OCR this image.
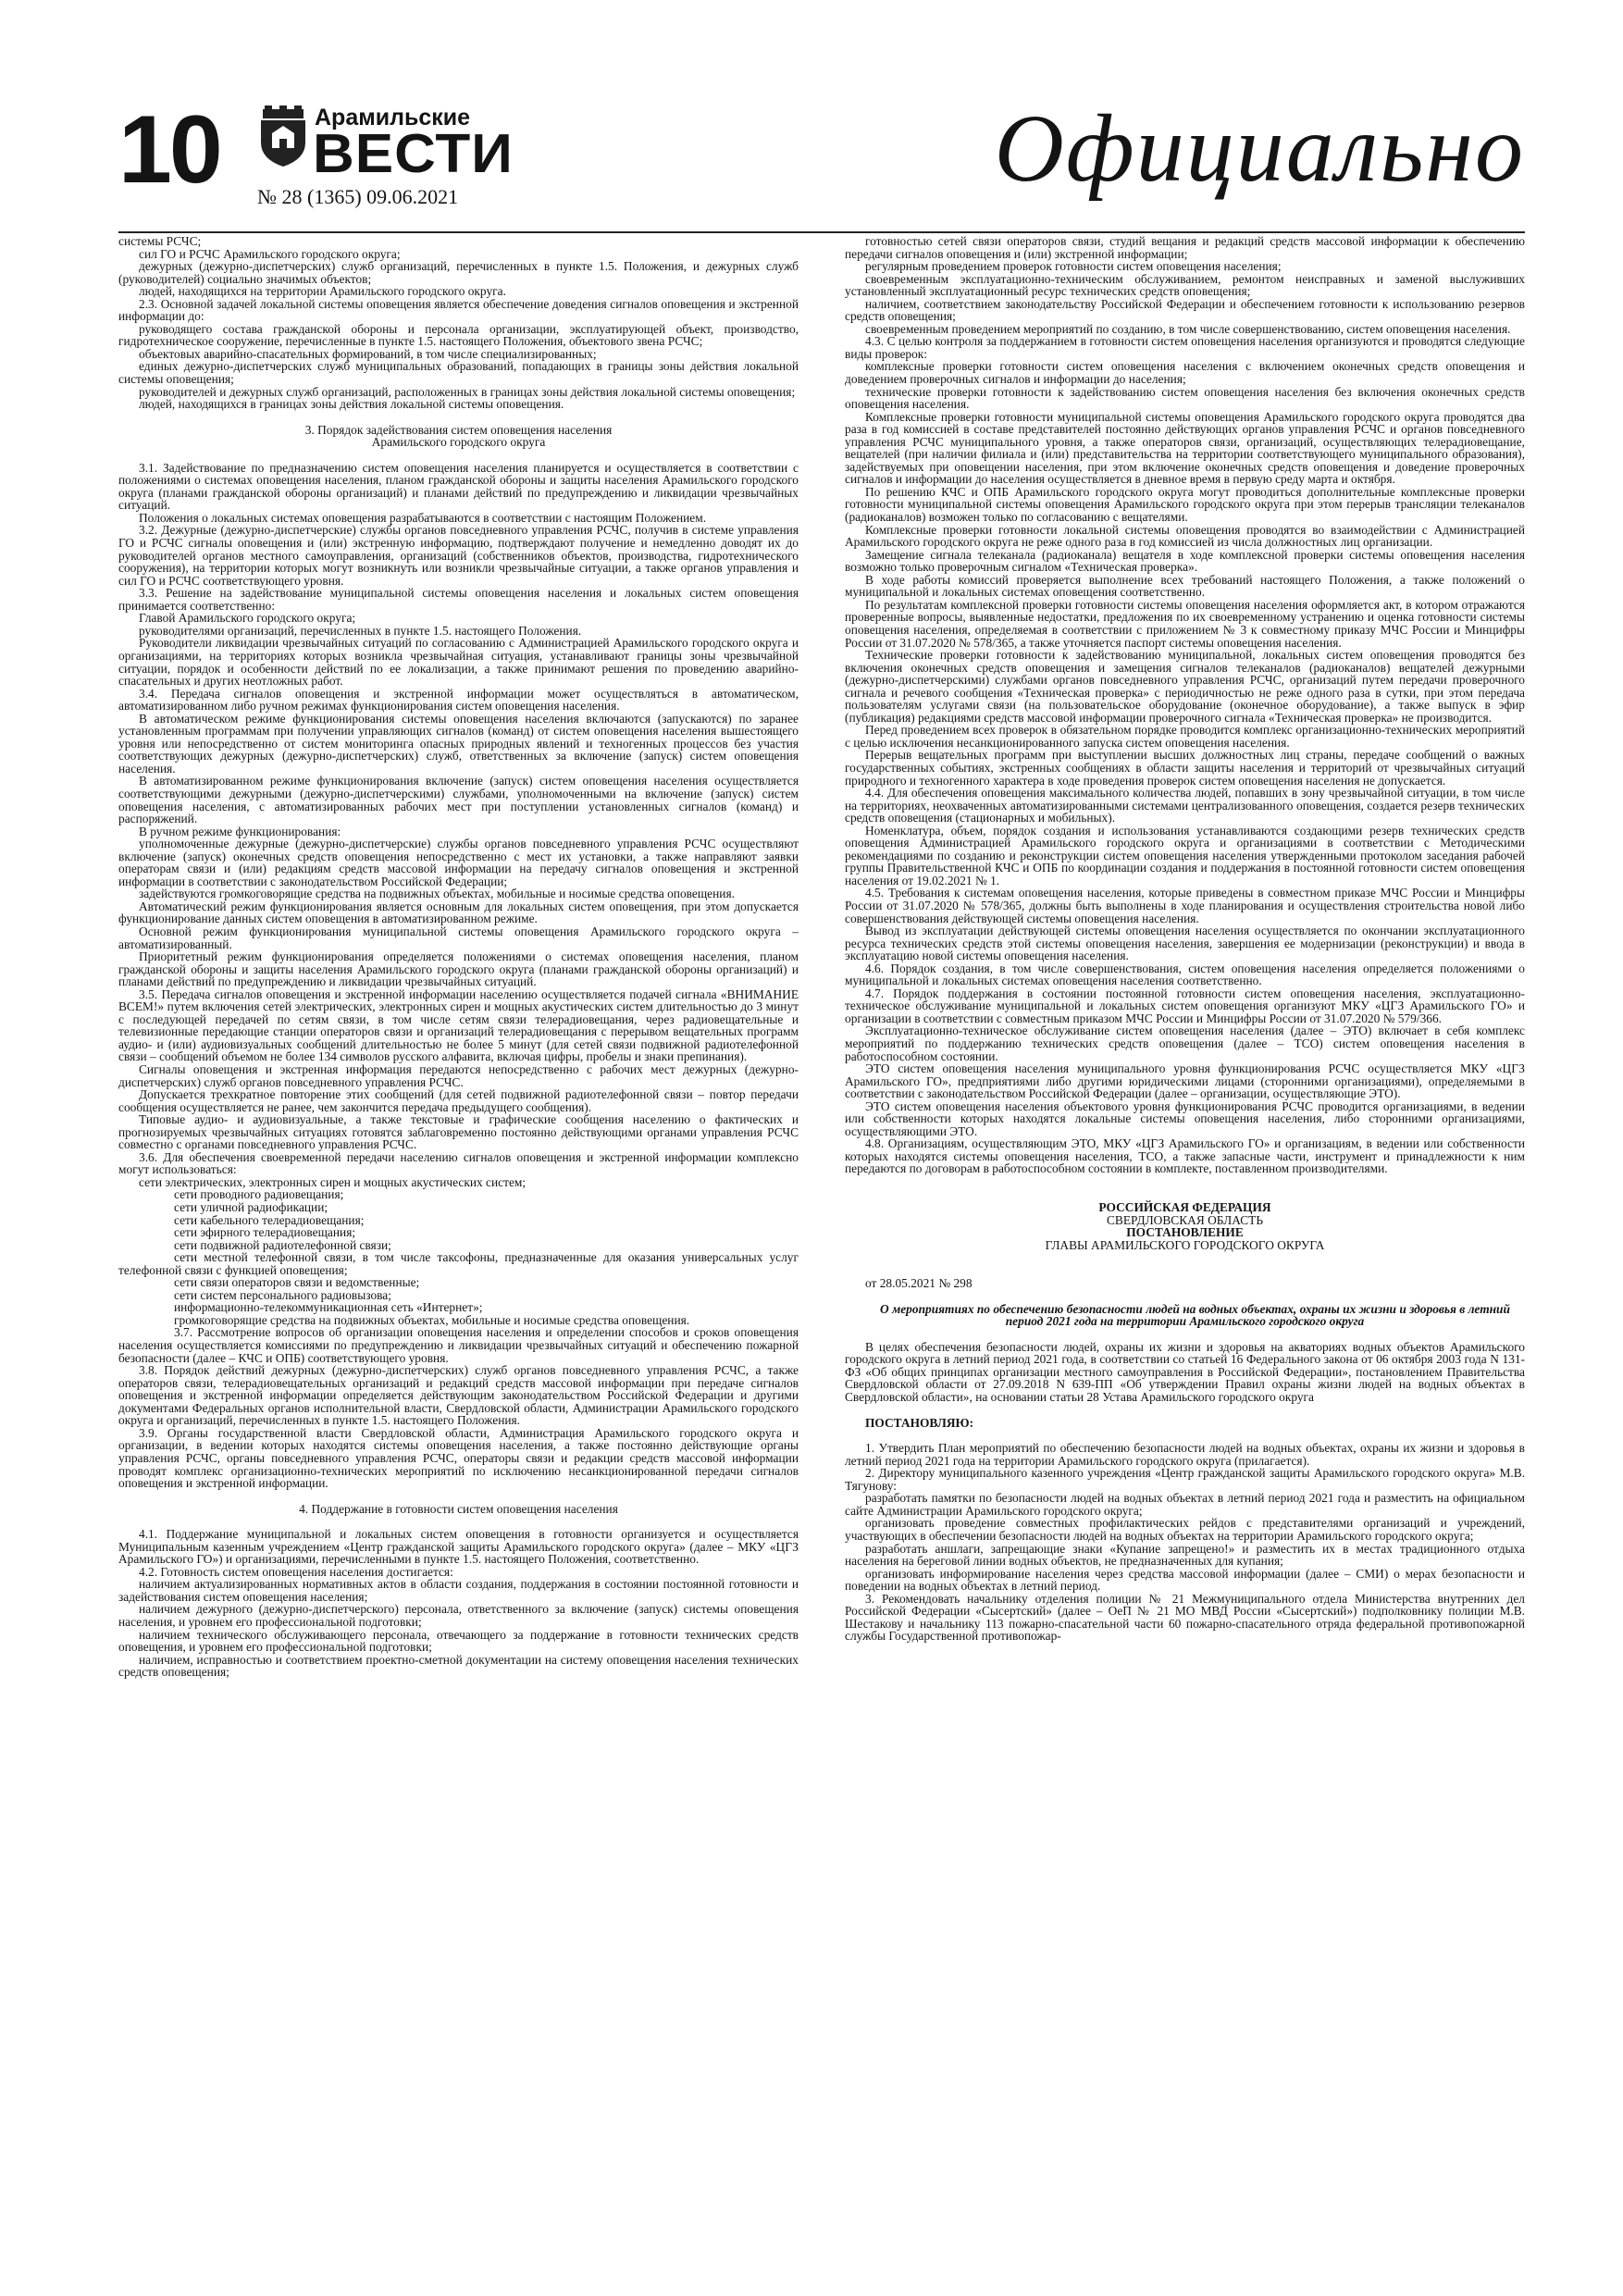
10	Арамильские
ВЕСТИ
№ 28 (1365) 09.06.2021	Официально

системы РСЧС;

сил ГО и РСЧС Арамильского городского округа;

дежурных (дежурно-диспетчерских) служб организаций, перечисленных в пункте 1.5. Положения, и дежурных служб (руководителей) социально значимых объектов;

людей, находящихся на территории Арамильского городского округа.

2.3. Основной задачей локальной системы оповещения является обеспечение доведения сигналов оповещения и экстренной информации до:

руководящего состава гражданской обороны и персонала организации, эксплуатирующей объект, производство, гидротехническое сооружение, перечисленные в пункте 1.5. настоящего Положения, объектового звена РСЧС;

объектовых аварийно-спасательных формирований, в том числе специализированных;

единых дежурно-диспетчерских служб муниципальных образований, попадающих в границы зоны действия локальной системы оповещения;

руководителей и дежурных служб организаций, расположенных в границах зоны действия локальной системы оповещения;

людей, находящихся в границах зоны действия локальной системы оповещения.

3. Порядок задействования систем оповещения населения

Арамильского городского округа

3.1. Задействование по предназначению систем оповещения населения планируется и осуществляется в соответствии с положениями о системах оповещения населения, планом гражданской обороны и защиты населения Арамильского городского округа (планами гражданской обороны организаций) и планами действий по предупреждению и ликвидации чрезвычайных ситуаций.

Положения о локальных системах оповещения разрабатываются в соответствии с настоящим Положением.

3.2. Дежурные (дежурно-диспетчерские) службы органов повседневного управления РСЧС, получив в системе управления ГО и РСЧС сигналы оповещения и (или) экстренную информацию, подтверждают получение и немедленно доводят их до руководителей органов местного самоуправления, организаций (собственников объектов, производства, гидротехнического сооружения), на территории которых могут возникнуть или возникли чрезвычайные ситуации, а также органов управления и сил ГО и РСЧС соответствующего уровня.

3.3. Решение на задействование муниципальной системы оповещения населения и локальных систем оповещения принимается соответственно:

Главой Арамильского городского округа;

руководителями организаций, перечисленных в пункте 1.5. настоящего Положения.

Руководители ликвидации чрезвычайных ситуаций по согласованию с Администрацией Арамильского городского округа и организациями, на территориях которых возникла чрезвычайная ситуация, устанавливают границы зоны чрезвычайной ситуации, порядок и особенности действий по ее локализации, а также принимают решения по проведению аварийно-спасательных и других неотложных работ.

3.4. Передача сигналов оповещения и экстренной информации может осуществляться в автоматическом, автоматизированном либо ручном режимах функционирования систем оповещения населения.

В автоматическом режиме функционирования системы оповещения населения включаются (запускаются) по заранее установленным программам при получении управляющих сигналов (команд) от систем оповещения населения вышестоящего уровня или непосредственно от систем мониторинга опасных природных явлений и техногенных процессов без участия соответствующих дежурных (дежурно-диспетчерских) служб, ответственных за включение (запуск) систем оповещения населения.

В автоматизированном режиме функционирования включение (запуск) систем оповещения населения осуществляется соответствующими дежурными (дежурно-диспетчерскими) службами, уполномоченными на включение (запуск) систем оповещения населения, с автоматизированных рабочих мест при поступлении установленных сигналов (команд) и распоряжений.

В ручном режиме функционирования:

уполномоченные дежурные (дежурно-диспетчерские) службы органов повседневного управления РСЧС осуществляют включение (запуск) оконечных средств оповещения непосредственно с мест их установки, а также направляют заявки операторам связи и (или) редакциям средств массовой информации на передачу сигналов оповещения и экстренной информации в соответствии с законодательством Российской Федерации;

задействуются громкоговорящие средства на подвижных объектах, мобильные и носимые средства оповещения.

Автоматический режим функционирования является основным для локальных систем оповещения, при этом допускается функционирование данных систем оповещения в автоматизированном режиме.

Основной режим функционирования муниципальной системы оповещения Арамильского городского округа – автоматизированный.

Приоритетный режим функционирования определяется положениями о системах оповещения населения, планом гражданской обороны и защиты населения Арамильского городского округа (планами гражданской обороны организаций) и планами действий по предупреждению и ликвидации чрезвычайных ситуаций.

3.5. Передача сигналов оповещения и экстренной информации населению осуществляется подачей сигнала «ВНИМАНИЕ ВСЕМ!» путем включения сетей электрических, электронных сирен и мощных акустических систем длительностью до 3 минут с последующей передачей по сетям связи, в том числе сетям связи телерадиовещания, через радиовещательные и телевизионные передающие станции операторов связи и организаций телерадиовещания с перерывом вещательных программ аудио- и (или) аудиовизуальных сообщений длительностью не более 5 минут (для сетей связи подвижной радиотелефонной связи – сообщений объемом не более 134 символов русского алфавита, включая цифры, пробелы и знаки препинания).

Сигналы оповещения и экстренная информация передаются непосредственно с рабочих мест дежурных (дежурно-диспетчерских) служб органов повседневного управления РСЧС.

Допускается трехкратное повторение этих сообщений (для сетей подвижной радиотелефонной связи – повтор передачи сообщения осуществляется не ранее, чем закончится передача предыдущего сообщения).

Типовые аудио- и аудиовизуальные, а также текстовые и графические сообщения населению о фактических и прогнозируемых чрезвычайных ситуациях готовятся заблаговременно постоянно действующими органами управления РСЧС совместно с органами повседневного управления РСЧС.

3.6. Для обеспечения своевременной передачи населению сигналов оповещения и экстренной информации комплексно могут использоваться:

сети электрических, электронных сирен и мощных акустических систем;

сети проводного радиовещания;

сети уличной радиофикации;

сети кабельного телерадиовещания;

сети эфирного телерадиовещания;

сети подвижной радиотелефонной связи;

сети местной телефонной связи, в том числе таксофоны, предназначенные для оказания универсальных услуг телефонной связи с функцией оповещения;

сети связи операторов связи и ведомственные;

сети систем персонального радиовызова;

информационно-телекоммуникационная сеть «Интернет»;

громкоговорящие средства на подвижных объектах, мобильные и носимые средства оповещения.

3.7. Рассмотрение вопросов об организации оповещения населения и определении способов и сроков оповещения населения осуществляется комиссиями по предупреждению и ликвидации чрезвычайных ситуаций и обеспечению пожарной безопасности (далее – КЧС и ОПБ) соответствующего уровня.

3.8. Порядок действий дежурных (дежурно-диспетчерских) служб органов повседневного управления РСЧС, а также операторов связи, телерадиовещательных организаций и редакций средств массовой информации при передаче сигналов оповещения и экстренной информации определяется действующим законодательством Российской Федерации и другими документами Федеральных органов исполнительной власти, Свердловской области, Администрации Арамильского городского округа и организаций, перечисленных в пункте 1.5. настоящего Положения.

3.9. Органы государственной власти Свердловской области, Администрация Арамильского городского округа и организации, в ведении которых находятся системы оповещения населения, а также постоянно действующие органы управления РСЧС, органы повседневного управления РСЧС, операторы связи и редакции средств массовой информации проводят комплекс организационно-технических мероприятий по исключению несанкционированной передачи сигналов оповещения и экстренной информации.

4. Поддержание в готовности систем оповещения населения

4.1. Поддержание муниципальной и локальных систем оповещения в готовности организуется и осуществляется Муниципальным казенным учреждением «Центр гражданской защиты Арамильского городского округа» (далее – МКУ «ЦГЗ Арамильского ГО») и организациями, перечисленными в пункте 1.5. настоящего Положения, соответственно.

4.2. Готовность систем оповещения населения достигается:

наличием актуализированных нормативных актов в области создания, поддержания в состоянии постоянной готовности и задействования систем оповещения населения;

наличием дежурного (дежурно-диспетчерского) персонала, ответственного за включение (запуск) системы оповещения населения, и уровнем его профессиональной подготовки;

наличием технического обслуживающего персонала, отвечающего за поддержание в готовности технических средств оповещения, и уровнем его профессиональной подготовки;

наличием, исправностью и соответствием проектно-сметной документации на систему оповещения населения технических средств оповещения;

готовностью сетей связи операторов связи, студий вещания и редакций средств массовой информации к обеспечению передачи сигналов оповещения и (или) экстренной информации;

регулярным проведением проверок готовности систем оповещения населения;

своевременным эксплуатационно-техническим обслуживанием, ремонтом неисправных и заменой выслуживших установленный эксплуатационный ресурс технических средств оповещения;

наличием, соответствием законодательству Российской Федерации и обеспечением готовности к использованию резервов средств оповещения;

своевременным проведением мероприятий по созданию, в том числе совершенствованию, систем оповещения населения.

4.3. С целью контроля за поддержанием в готовности систем оповещения населения организуются и проводятся следующие виды проверок:

комплексные проверки готовности систем оповещения населения с включением оконечных средств оповещения и доведением проверочных сигналов и информации до населения;

технические проверки готовности к задействованию систем оповещения населения без включения оконечных средств оповещения населения.

Комплексные проверки готовности муниципальной системы оповещения Арамильского городского округа проводятся два раза в год комиссией в составе представителей постоянно действующих органов управления РСЧС и органов повседневного управления РСЧС муниципального уровня, а также операторов связи, организаций, осуществляющих телерадиовещание, вещателей (при наличии филиала и (или) представительства на территории соответствующего муниципального образования), задействуемых при оповещении населения, при этом включение оконечных средств оповещения и доведение проверочных сигналов и информации до населения осуществляется в дневное время в первую среду марта и октября.

По решению КЧС и ОПБ Арамильского городского округа могут проводиться дополнительные комплексные проверки готовности муниципальной системы оповещения Арамильского городского округа при этом перерыв трансляции телеканалов (радиоканалов) возможен только по согласованию с вещателями.

Комплексные проверки готовности локальной системы оповещения проводятся во взаимодействии с Администрацией Арамильского городского округа не реже одного раза в год комиссией из числа должностных лиц организации.

Замещение сигнала телеканала (радиоканала) вещателя в ходе комплексной проверки системы оповещения населения возможно только проверочным сигналом «Техническая проверка».

В ходе работы комиссий проверяется выполнение всех требований настоящего Положения, а также положений о муниципальной и локальных системах оповещения соответственно.

По результатам комплексной проверки готовности системы оповещения населения оформляется акт, в котором отражаются проверенные вопросы, выявленные недостатки, предложения по их своевременному устранению и оценка готовности системы оповещения населения, определяемая в соответствии с приложением № 3 к совместному приказу МЧС России и Минцифры России от 31.07.2020 № 578/365, а также уточняется паспорт системы оповещения населения.

Технические проверки готовности к задействованию муниципальной, локальных систем оповещения проводятся без включения оконечных средств оповещения и замещения сигналов телеканалов (радиоканалов) вещателей дежурными (дежурно-диспетчерскими) службами органов повседневного управления РСЧС, организаций путем передачи проверочного сигнала и речевого сообщения «Техническая проверка» с периодичностью не реже одного раза в сутки, при этом передача пользователям услугами связи (на пользовательское оборудование (оконечное оборудование), а также выпуск в эфир (публикация) редакциями средств массовой информации проверочного сигнала «Техническая проверка» не производится.

Перед проведением всех проверок в обязательном порядке проводится комплекс организационно-технических мероприятий с целью исключения несанкционированного запуска систем оповещения населения.

Перерыв вещательных программ при выступлении высших должностных лиц страны, передаче сообщений о важных государственных событиях, экстренных сообщениях в области защиты населения и территорий от чрезвычайных ситуаций природного и техногенного характера в ходе проведения проверок систем оповещения населения не допускается.

4.4. Для обеспечения оповещения максимального количества людей, попавших в зону чрезвычайной ситуации, в том числе на территориях, неохваченных автоматизированными системами централизованного оповещения, создается резерв технических средств оповещения (стационарных и мобильных).

Номенклатура, объем, порядок создания и использования устанавливаются создающими резерв технических средств оповещения Администрацией Арамильского городского округа и организациями в соответствии с Методическими рекомендациями по созданию и реконструкции систем оповещения населения утвержденными протоколом заседания рабочей группы Правительственной КЧС и ОПБ по координации создания и поддержания в постоянной готовности систем оповещения населения от 19.02.2021 № 1.

4.5. Требования к системам оповещения населения, которые приведены в совместном приказе МЧС России и Минцифры России от 31.07.2020 № 578/365, должны быть выполнены в ходе планирования и осуществления строительства новой либо совершенствования действующей системы оповещения населения.

Вывод из эксплуатации действующей системы оповещения населения осуществляется по окончании эксплуатационного ресурса технических средств этой системы оповещения населения, завершения ее модернизации (реконструкции) и ввода в эксплуатацию новой системы оповещения населения.

4.6. Порядок создания, в том числе совершенствования, систем оповещения населения определяется положениями о муниципальной и локальных системах оповещения населения соответственно.

4.7. Порядок поддержания в состоянии постоянной готовности систем оповещения населения, эксплуатационно-техническое обслуживание муниципальной и локальных систем оповещения организуют МКУ «ЦГЗ Арамильского ГО» и организации в соответствии с совместным приказом МЧС России и Минцифры России от 31.07.2020 № 579/366.

Эксплуатационно-техническое обслуживание систем оповещения населения (далее – ЭТО) включает в себя комплекс мероприятий по поддержанию технических средств оповещения (далее – ТСО) систем оповещения населения в работоспособном состоянии.

ЭТО систем оповещения населения муниципального уровня функционирования РСЧС осуществляется МКУ «ЦГЗ Арамильского ГО», предприятиями либо другими юридическими лицами (сторонними организациями), определяемыми в соответствии с законодательством Российской Федерации (далее – организации, осуществляющие ЭТО).

ЭТО систем оповещения населения объектового уровня функционирования РСЧС проводится организациями, в ведении или собственности которых находятся локальные системы оповещения населения, либо сторонними организациями, осуществляющими ЭТО.

4.8. Организациям, осуществляющим ЭТО, МКУ «ЦГЗ Арамильского ГО» и организациям, в ведении или собственности которых находятся системы оповещения населения, ТСО, а также запасные части, инструмент и принадлежности к ним передаются по договорам в работоспособном состоянии в комплекте, поставленном производителями.

РОССИЙСКАЯ ФЕДЕРАЦИЯ

СВЕРДЛОВСКАЯ ОБЛАСТЬ

ПОСТАНОВЛЕНИЕ

ГЛАВЫ АРАМИЛЬСКОГО ГОРОДСКОГО ОКРУГА

от 28.05.2021 № 298

О мероприятиях по обеспечению безопасности людей на водных объектах, охраны их жизни и здоровья в летний период 2021 года на территории Арамильского городского округа

В целях обеспечения безопасности людей, охраны их жизни и здоровья на акваториях водных объектов Арамильского городского округа в летний период 2021 года, в соответствии со статьей 16 Федерального закона от 06 октября 2003 года N 131-ФЗ «Об общих принципах организации местного самоуправления в Российской Федерации», постановлением Правительства Свердловской области от 27.09.2018 N 639-ПП «Об утверждении Правил охраны жизни людей на водных объектах в Свердловской области», на основании статьи 28 Устава Арамильского городского округа

ПОСТАНОВЛЯЮ:

1. Утвердить План мероприятий по обеспечению безопасности людей на водных объектах, охраны их жизни и здоровья в летний период 2021 года на территории Арамильского городского округа (прилагается).

2. Директору муниципального казенного учреждения «Центр гражданской защиты Арамильского городского округа» М.В. Тягунову:

разработать памятки по безопасности людей на водных объектах в летний период 2021 года и разместить на официальном сайте Администрации Арамильского городского округа;

организовать проведение совместных профилактических рейдов с представителями организаций и учреждений, участвующих в обеспечении безопасности людей на водных объектах на территории Арамильского городского округа;

разработать аншлаги, запрещающие знаки «Купание запрещено!» и разместить их в местах традиционного отдыха населения на береговой линии водных объектов, не предназначенных для купания;

организовать информирование населения через средства массовой информации (далее – СМИ) о мерах безопасности и поведении на водных объектах в летний период.

3. Рекомендовать начальнику отделения полиции № 21 Межмуниципального отдела Министерства внутренних дел Российской Федерации «Сысертский» (далее – ОеП № 21 МО МВД России «Сысертский») подполковнику полиции М.В. Шестакову и начальнику 113 пожарно-спасательной части 60 пожарно-спасательного отряда федеральной противопожарной службы Государственной противопожар-
